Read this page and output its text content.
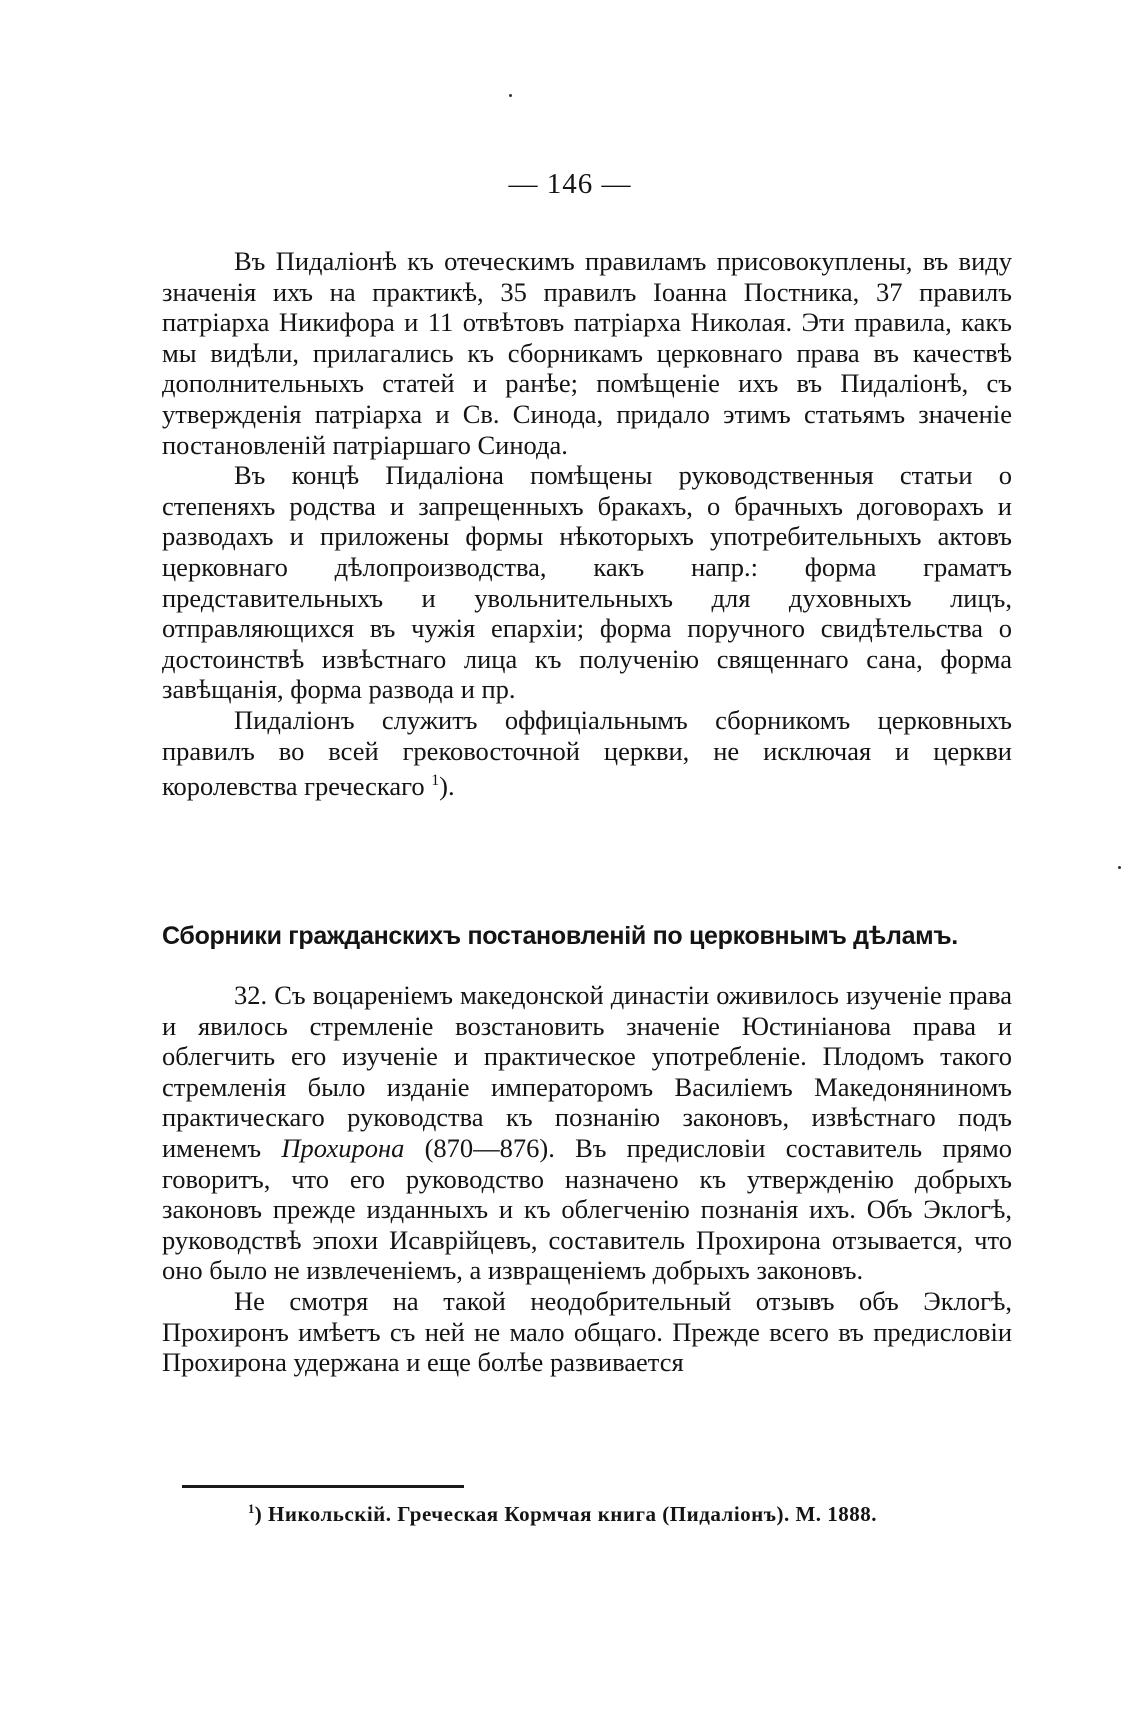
— 146 —

Въ Пидаліонѣ къ отеческимъ правиламъ присовокуплены, въ виду значенія ихъ на практикѣ, 35 правилъ Іоанна Постника, 37 правилъ патріарха Никифора и 11 отвѣтовъ патріарха Николая. Эти правила, какъ мы видѣли, прилагались къ сборникамъ церковнаго права въ качествѣ дополнительныхъ статей и ранѣе; помѣщеніе ихъ въ Пидаліонѣ, съ утвержденія патріарха и Св. Синода, придало этимъ статьямъ значеніе постановленій патріаршаго Синода.

Въ концѣ Пидаліона помѣщены руководственныя статьи о степеняхъ родства и запрещенныхъ бракахъ, о брачныхъ договорахъ и разводахъ и приложены формы нѣкоторыхъ употребительныхъ актовъ церковнаго дѣлопроизводства, какъ напр.: форма граматъ представительныхъ и увольнительныхъ для духовныхъ лицъ, отправляющихся въ чужія епархіи; форма поручного свидѣтельства о достоинствѣ извѣстнаго лица къ полученію священнаго сана, форма завѣщанія, форма развода и пр.

Пидаліонъ служитъ оффиціальнымъ сборникомъ церковныхъ правилъ во всей грековосточной церкви, не исключая и церкви королевства греческаго $^1$).

Сборники гражданскихъ постановленій по церковнымъ дѣламъ.

32. Съ воцареніемъ македонской династіи оживилось изученіе права и явилось стремленіе возстановить значеніе Юстиніанова права и облегчить его изученіе и практическое употребленіе. Плодомъ такого стремленія было изданіе императоромъ Василіемъ Македоняниномъ практическаго руководства къ познанію законовъ, извѣстнаго подъ именемъ Прохирона (870—876). Въ предисловіи составитель прямо говоритъ, что его руководство назначено къ утвержденію добрыхъ законовъ прежде изданныхъ и къ облегченію познанія ихъ. Объ Эклогѣ, руководствѣ эпохи Исаврійцевъ, составитель Прохирона отзывается, что оно было не извлеченіемъ, а извращеніемъ добрыхъ законовъ.

Не смотря на такой неодобрительный отзывъ объ Эклогѣ, Прохиронъ имѣетъ съ ней не мало общаго. Прежде всего въ предисловіи Прохирона удержана и еще болѣе развивается

$^1$) Никольскій. Греческая Кормчая книга (Пидаліонъ). М. 1888.
